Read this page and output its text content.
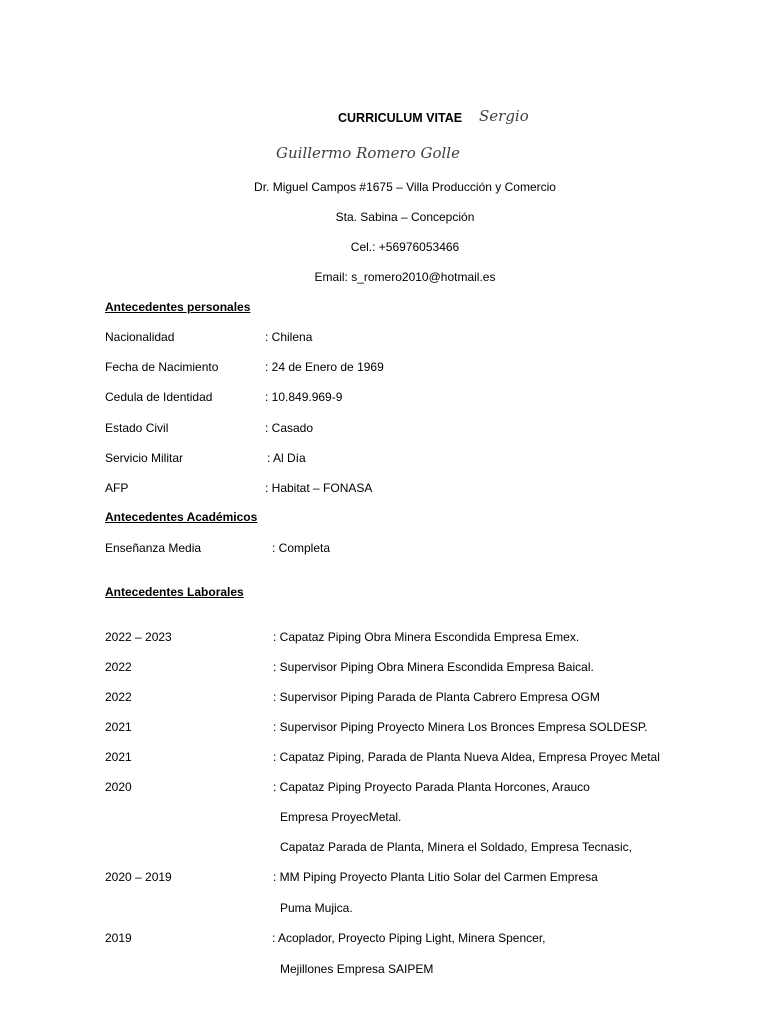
CURRICULUM VITAE Sergio
Guillermo Romero Golle
Dr. Miguel Campos #1675 – Villa Producción y Comercio
Sta. Sabina – Concepción
Cel.: +56976053466
Email: s_romero2010@hotmail.es
Antecedentes personales
Nacionalidad	: Chilena
Fecha de Nacimiento	: 24 de Enero de 1969
Cedula de Identidad	: 10.849.969-9
Estado Civil	: Casado
Servicio Militar	: Al Día
AFP	: Habitat – FONASA
Antecedentes Académicos
Enseñanza Media	: Completa
Antecedentes Laborales
2022 – 2023	: Capataz Piping Obra Minera Escondida Empresa Emex.
2022	: Supervisor Piping Obra Minera Escondida Empresa Baical.
2022	: Supervisor Piping Parada de Planta Cabrero Empresa OGM
2021	: Supervisor Piping Proyecto Minera Los Bronces Empresa SOLDESP.
2021	: Capataz Piping, Parada de Planta Nueva Aldea, Empresa Proyec Metal
2020	: Capataz Piping Proyecto Parada Planta Horcones, Arauco
Empresa ProyecMetal.
Capataz Parada de Planta, Minera el Soldado, Empresa Tecnasic,
2020 – 2019	: MM Piping Proyecto Planta Litio Solar del Carmen Empresa
Puma Mujica.
2019	: Acoplador, Proyecto Piping Light, Minera Spencer,
Mejillones Empresa SAIPEM
